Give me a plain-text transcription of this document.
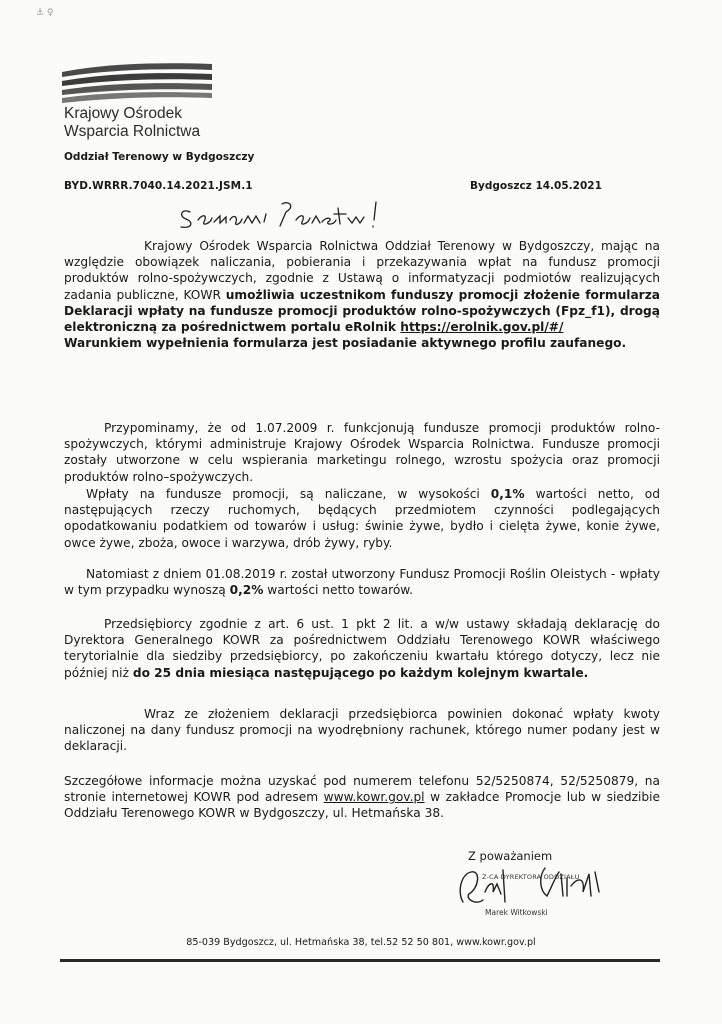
⚓ ♀
Krajowy Ośrodek
Wsparcia Rolnictwa
Oddział Terenowy w Bydgoszczy
BYD.WRRR.7040.14.2021.JSM.1	Bydgoszcz 14.05.2021

Krajowy Ośrodek Wsparcia Rolnictwa Oddział Terenowy w Bydgoszczy, mając na względzie obowiązek naliczania, pobierania i przekazywania wpłat na fundusz promocji produktów rolno-spożywczych, zgodnie z Ustawą o informatyzacji podmiotów realizujących zadania publiczne, KOWR umożliwia uczestnikom funduszy promocji złożenie formularza Deklaracji wpłaty na fundusze promocji produktów rolno-spożywczych (Fpz_f1), drogą elektroniczną za pośrednictwem portalu eRolnik https://erolnik.gov.pl/#/

Warunkiem wypełnienia formularza jest posiadanie aktywnego profilu zaufanego.

Przypominamy, że od 1.07.2009 r. funkcjonują fundusze promocji produktów rolno-spożywczych, którymi administruje Krajowy Ośrodek Wsparcia Rolnictwa. Fundusze promocji zostały utworzone w celu wspierania marketingu rolnego, wzrostu spożycia oraz promocji produktów rolno–spożywczych.

Wpłaty na fundusze promocji, są naliczane, w wysokości 0,1% wartości netto, od następujących rzeczy ruchomych, będących przedmiotem czynności podlegających opodatkowaniu podatkiem od towarów i usług: świnie żywe, bydło i cielęta żywe, konie żywe, owce żywe, zboża, owoce i warzywa, drób żywy, ryby.

Natomiast z dniem 01.08.2019 r. został utworzony Fundusz Promocji Roślin Oleistych - wpłaty w tym przypadku wynoszą 0,2% wartości netto towarów.

Przedsiębiorcy zgodnie z art. 6 ust. 1 pkt 2 lit. a w/w ustawy składają deklarację do Dyrektora Generalnego KOWR za pośrednictwem Oddziału Terenowego KOWR właściwego terytorialnie dla siedziby przedsiębiorcy, po zakończeniu kwartału którego dotyczy, lecz nie później niż do 25 dnia miesiąca następującego po każdym kolejnym kwartale.

Wraz ze złożeniem deklaracji przedsiębiorca powinien dokonać wpłaty kwoty naliczonej na dany fundusz promocji na wyodrębniony rachunek, którego numer podany jest w deklaracji.

Szczegółowe informacje można uzyskać pod numerem telefonu 52/5250874, 52/5250879, na stronie internetowej KOWR pod adresem www.kowr.gov.pl w zakładce Promocje lub w siedzibie Oddziału Terenowego KOWR w Bydgoszczy, ul. Hetmańska 38.

Z poważaniem
Z-CA DYREKTORA ODDZIAŁU
Marek Witkowski
85-039 Bydgoszcz, ul. Hetmańska 38, tel.52 52 50 801, www.kowr.gov.pl
